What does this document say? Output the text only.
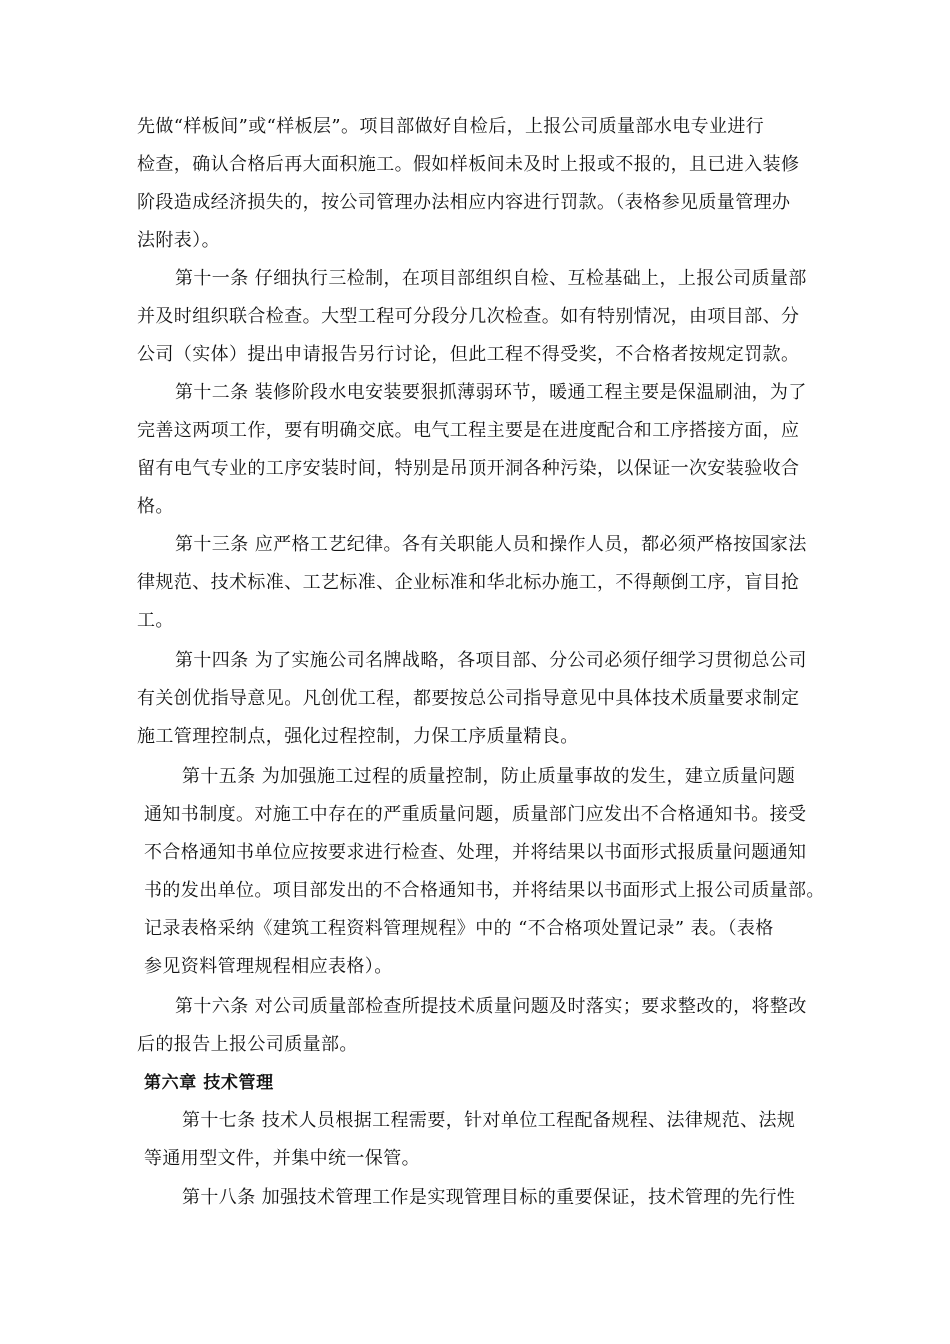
先做“样板间”或“样板层”。项目部做好自检后，上报公司质量部水电专业进行
检查，确认合格后再大面积施工。假如样板间未及时上报或不报的，且已进入装修
阶段造成经济损失的，按公司管理办法相应内容进行罚款。（表格参见质量管理办
法附表）。
第十一条 仔细执行三检制，在项目部组织自检、互检基础上，上报公司质量部
并及时组织联合检查。大型工程可分段分几次检查。如有特别情况，由项目部、分
公司（实体）提出申请报告另行讨论，但此工程不得受奖，不合格者按规定罚款。
第十二条 装修阶段水电安装要狠抓薄弱环节，暖通工程主要是保温刷油，为了
完善这两项工作，要有明确交底。电气工程主要是在进度配合和工序搭接方面，应
留有电气专业的工序安装时间，特别是吊顶开洞各种污染，以保证一次安装验收合
格。
第十三条 应严格工艺纪律。各有关职能人员和操作人员，都必须严格按国家法
律规范、技术标准、工艺标准、企业标准和华北标办施工，不得颠倒工序，盲目抢
工。
第十四条 为了实施公司名牌战略，各项目部、分公司必须仔细学习贯彻总公司
有关创优指导意见。凡创优工程，都要按总公司指导意见中具体技术质量要求制定
施工管理控制点，强化过程控制，力保工序质量精良。
第十五条 为加强施工过程的质量控制，防止质量事故的发生，建立质量问题
通知书制度。对施工中存在的严重质量问题，质量部门应发出不合格通知书。接受
不合格通知书单位应按要求进行检查、处理，并将结果以书面形式报质量问题通知
书的发出单位。项目部发出的不合格通知书，并将结果以书面形式上报公司质量部。
记录表格采纳《建筑工程资料管理规程》中的 “不合格项处置记录” 表。（表格
参见资料管理规程相应表格）。
第十六条 对公司质量部检查所提技术质量问题及时落实；要求整改的，将整改
后的报告上报公司质量部。
第六章 技术管理
第十七条 技术人员根据工程需要，针对单位工程配备规程、法律规范、法规
等通用型文件，并集中统一保管。
第十八条 加强技术管理工作是实现管理目标的重要保证，技术管理的先行性
